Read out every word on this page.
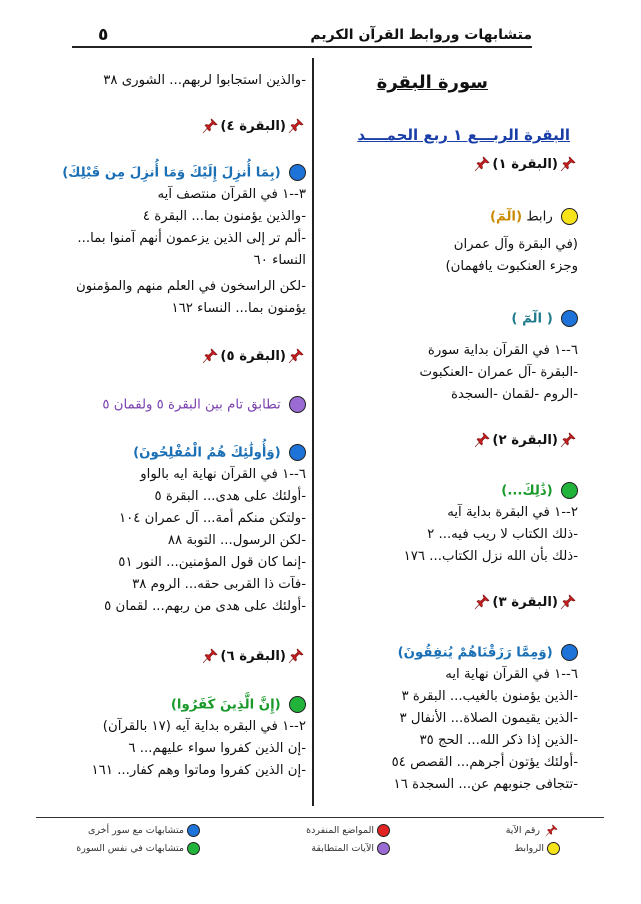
٥	متشابهات وروابط القرآن الكريم
سورة البقرة
البقرة الربـــع ١ ربع الحمــــد
(البقرة ١)
رابط (الٓمٓ)
(في البقرة وآل عمران
وجزء العنكبوت يافهمان)
( الٓمٓ )
٦--١ في القرآن بداية سورة
-البقرة -آل عمران -العنكبوت
-الروم -لقمان -السجدة
(البقرة ٢)
(ذَٰلِكَ...)
٢--١ في البقرة بداية آيه
-ذلك الكتاب لا ريب فيه... ٢
-ذلك بأن الله نزل الكتاب... ١٧٦
(البقرة ٣)
(وَمِمَّا رَزَقْنَاهُمْ يُنفِقُونَ)
٦--١ في القرآن نهاية ايه
-الذين يؤمنون بالغيب... البقرة ٣
-الذين يقيمون الصلاة... الأنفال ٣
-الذين إذا ذكر الله... الحج ٣٥
-أولئك يؤتون أجرهم... القصص ٥٤
-تتجافى جنوبهم عن... السجدة ١٦
-والذين استجابوا لربهم... الشورى ٣٨
(البقرة ٤)
(بِمَا أُنزِلَ إِلَيْكَ وَمَا أُنزِلَ مِن قَبْلِكَ)
٣--١ في القرآن منتصف آيه
-والذين يؤمنون بما... البقرة ٤
-ألم تر إلى الذين يزعمون أنهم آمنوا بما...
النساء ٦٠
-لكن الراسخون في العلم منهم والمؤمنون
يؤمنون بما... النساء ١٦٢
(البقرة ٥)
تطابق تام بين البقرة ٥ ولقمان ٥
(وَأُولَٰئِكَ هُمُ الْمُفْلِحُونَ)
٦--١ في القرآن نهاية ايه بالواو
-أولئك على هدى... البقرة ٥
-ولتكن منكم أمة... آل عمران ١٠٤
-لكن الرسول... التوبة ٨٨
-إنما كان قول المؤمنين... النور ٥١
-فآت ذا القربى حقه... الروم ٣٨
-أولئك على هدى من ربهم... لقمان ٥
(البقرة ٦)
(إِنَّ الَّذِينَ كَفَرُوا)
٢--١ في البقره بداية آيه (١٧ بالقرآن)
-إن الذين كفروا سواء عليهم... ٦
-إن الذين كفروا وماتوا وهم كفار... ١٦١
رقم الآية
الروابط
المواضع المنفردة
الآيات المتطابقة
متشابهات مع سور أخرى
متشابهات في نفس السورة
